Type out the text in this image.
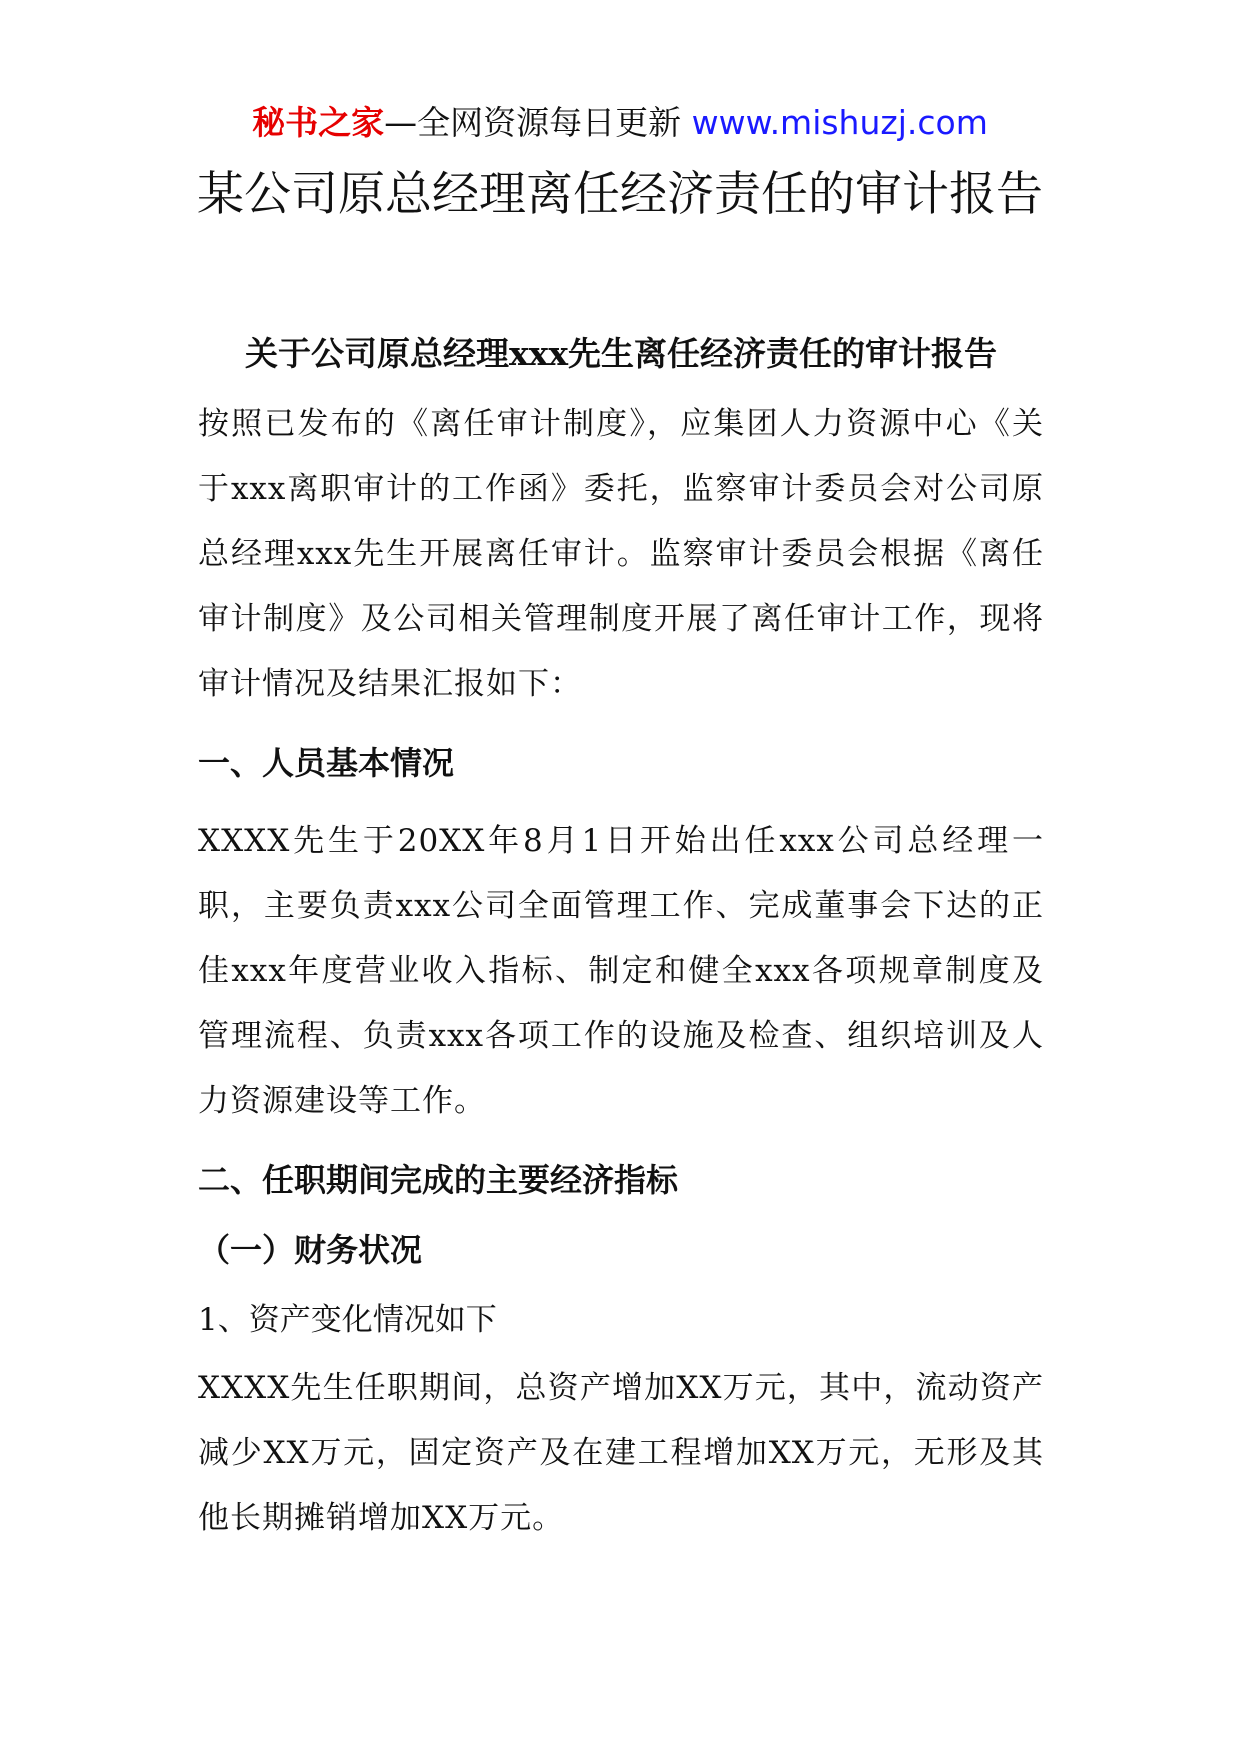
秘书之家—全网资源每日更新 www.mishuzj.com
某公司原总经理离任经济责任的审计报告
关于公司原总经理xxx先生离任经济责任的审计报告

按照已发布的《离任审计制度》，应集团人力资源中心《关于xxx离职审计的工作函》委托，监察审计委员会对公司原总经理xxx先生开展离任审计。监察审计委员会根据《离任审计制度》及公司相关管理制度开展了离任审计工作，现将审计情况及结果汇报如下：

一、人员基本情况

XXXX先生于20XX年8月1日开始出任xxx公司总经理一职，主要负责xxx公司全面管理工作、完成董事会下达的正佳xxx年度营业收入指标、制定和健全xxx各项规章制度及管理流程、负责xxx各项工作的设施及检查、组织培训及人力资源建设等工作。

二、任职期间完成的主要经济指标
（一）财务状况
1、资产变化情况如下

XXXX先生任职期间，总资产增加XX万元，其中，流动资产减少XX万元，固定资产及在建工程增加XX万元，无形及其他长期摊销增加XX万元。
